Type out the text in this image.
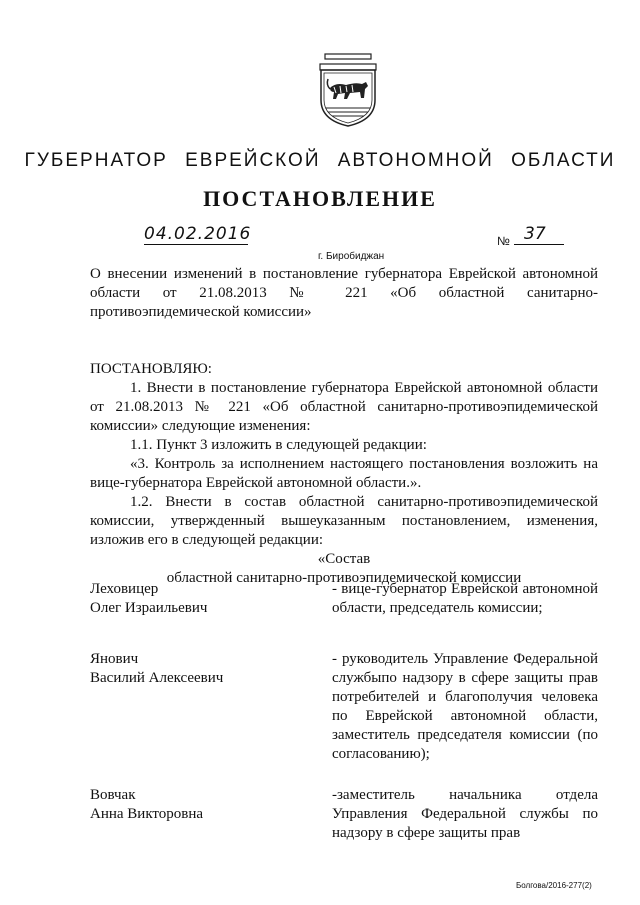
ГУБЕРНАТОР ЕВРЕЙСКОЙ АВТОНОМНОЙ ОБЛАСТИ
ПОСТАНОВЛЕНИЕ
04.02.2016	№ 37
г. Биробиджан
О внесении изменений в постановление губернатора Еврейской автономной
области от 21.08.2013 № 221 «Об областной санитарно-
противоэпидемической комиссии»

ПОСТАНОВЛЯЮ:

1. Внести в постановление губернатора Еврейской автономной области от 21.08.2013 № 221 «Об областной санитарно-противоэпидемической комиссии» следующие изменения:

1.1. Пункт 3 изложить в следующей редакции:

«3. Контроль за исполнением настоящего постановления возложить на вице-губернатора Еврейской автономной области.».

1.2. Внести в состав областной санитарно-противоэпидемической комиссии, утвержденный вышеуказанным постановлением, изменения, изложив его в следующей редакции:

«Состав

областной санитарно-противоэпидемической комиссии

Леховицер
Олег Израильевич
- вице-губернатор Еврейской автономной области, председатель комиссии;
Янович
Василий Алексеевич
- руководитель Управление Федеральной службыпо надзору в сфере защиты прав потребителей и благополучия человека по Еврейской автономной области, заместитель председателя комиссии (по согласованию);
Вовчак
Анна Викторовна
-заместитель начальника отдела Управления Федеральной службы по надзору в сфере защиты прав
Болгова/2016-277(2)
